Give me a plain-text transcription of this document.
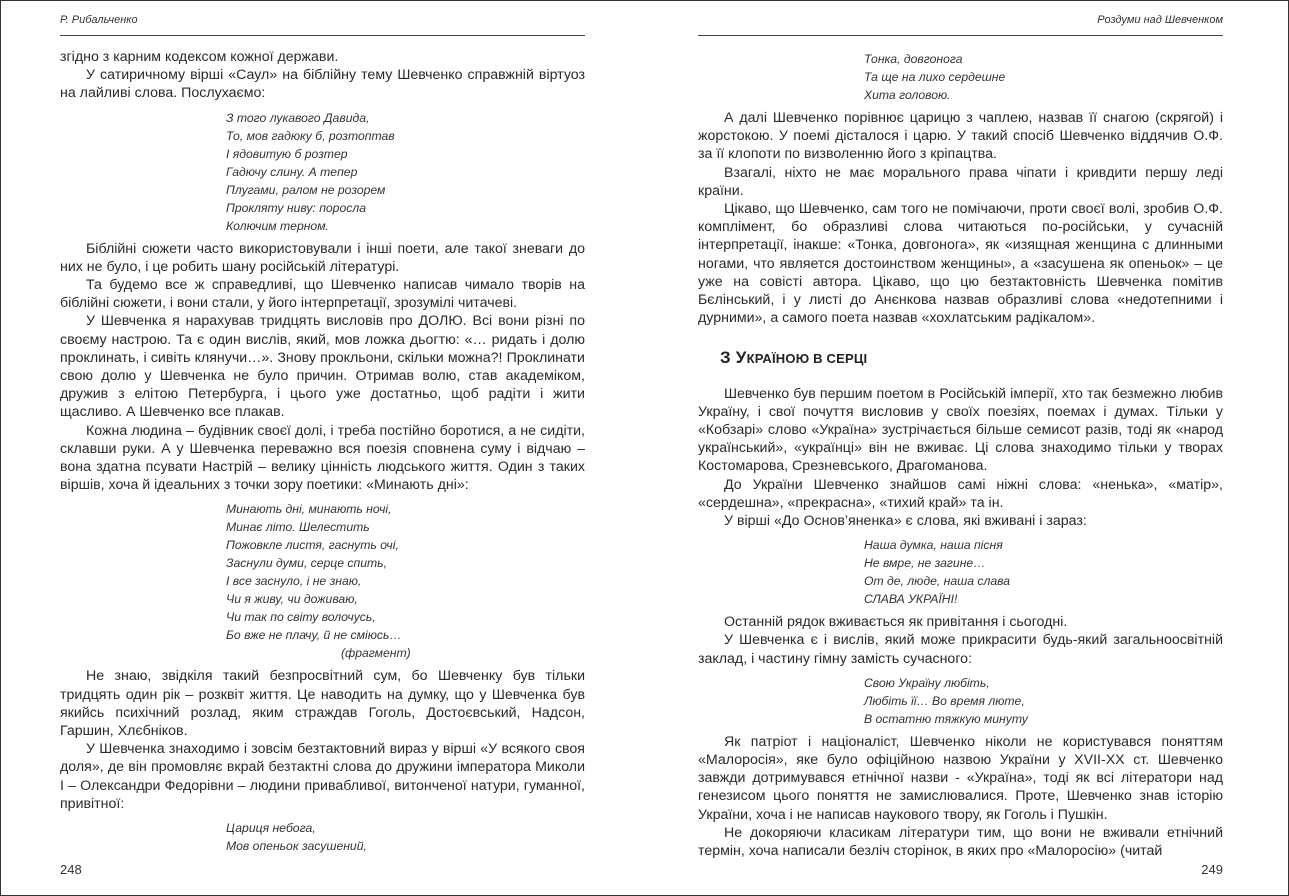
Р. Рибальченко

згідно з карним кодексом кожної держави.

У сатиричному вірші «Саул» на біблійну тему Шевченко справжній віртуоз на лайливі слова. Послухаємо:

З того лукавого Давида,
То, мов гадюку б, розтоптав
І ядовитую б розтер
Гадючу слину. А тепер
Плугами, ралом не розорем
Прокляту ниву: поросла
Колючим терном.

Біблійні сюжети часто використовували і інші поети, але такої зневаги до них не було, і це робить шану російській літературі.

Та будемо все ж справедливі, що Шевченко написав чимало творів на біблійні сюжети, і вони стали, у його інтерпретації, зрозумілі читачеві.

У Шевченка я нарахував тридцять висловів про ДОЛЮ. Всі вони різні по своєму настрою. Та є один вислів, який, мов ложка дьогтю: «… ридать і долю проклинать, і сивіть клянучи…». Знову прокльони, скільки можна?! Проклинати свою долю у Шевченка не було причин. Отримав волю, став академіком, дружив з елітою Петербурга, і цього уже достатньо, щоб радіти і жити щасливо. А Шевченко все плакав.

Кожна людина – будівник своєї долі, і треба постійно боротися, а не сидіти, склавши руки. А у Шевченка переважно вся поезія сповнена суму і відчаю – вона здатна псувати Настрій – велику цінність людського життя. Один з таких віршів, хоча й ідеальних з точки зору поетики: «Минають дні»:

Минають дні, минають ночі,
Минає літо. Шелестить
Пожовкле листя, гаснуть очі,
Заснули думи, серце спить,
І все заснуло, і не знаю,
Чи я живу, чи доживаю,
Чи так по світу волочусь,
Бо вже не плачу, й не сміюсь…
(фрагмент)

Не знаю, звідкіля такий безпросвітний сум, бо Шевченку був тільки тридцять один рік – розквіт життя. Це наводить на думку, що у Шевченка був якийсь психічний розлад, яким страждав Гоголь, Достоєвський, Надсон, Гаршин, Хлєбніков.

У Шевченка знаходимо і зовсім безтактовний вираз у вірші «У всякого своя доля», де він промовляє вкрай безтактні слова до дружини імператора Миколи І – Олександри Федорівни – людини привабливої, витонченої натури, гуманної, привітної:

Цариця небога,
Мов опеньок засушений,
248
Роздуми над Шевченком
Тонка, довгонога
Та ще на лихо сердешне
Хита головою.

А далі Шевченко порівнює царицю з чаплею, назвав її снагою (скрягой) і жорстокою. У поемі дісталося і царю. У такий спосіб Шевченко віддячив О.Ф. за її клопоти по визволенню його з кріпацтва.

Взагалі, ніхто не має морального права чіпати і кривдити першу леді країни.

Цікаво, що Шевченко, сам того не помічаючи, проти своєї волі, зробив О.Ф. комплімент, бо образливі слова читаються по-російськи, у сучасній інтерпретації, інакше: «Тонка, довгонога», як «изящная женщина с длинными ногами, что является достоинством женщины», а «засушена як опеньок» – це уже на совісті автора. Цікаво, що цю безтактовність Шевченка помітив Бєлінський, і у листі до Анєнкова назвав образливі слова «недотепними і дурними», а самого поета назвав «хохлатським радікалом».

З УКРАЇНОЮ В СЕРЦІ

Шевченко був першим поетом в Російській імперії, хто так безмежно любив Україну, і свої почуття висловив у своїх поезіях, поемах і думах. Тільки у «Кобзарі» слово «Україна» зустрічається більше семисот разів, тоді як «народ український», «українці» він не вживає. Ці слова знаходимо тільки у творах Костомарова, Срезневського, Драгоманова.

До України Шевченко знайшов самі ніжні слова: «ненька», «матір», «сердешна», «прекрасна», «тихий край» та ін.

У вірші «До Основ’яненка» є слова, які вживані і зараз:

Наша думка, наша пісня
Не вмре, не загине…
От де, люде, наша слава
СЛАВА УКРАЇНІ!

Останній рядок вживається як привітання і сьогодні.

У Шевченка є і вислів, який може прикрасити будь-який загальноосвітній заклад, і частину гімну замість сучасного:

Свою Україну любіть,
Любіть її… Во время люте,
В остатню тяжкую минуту

Як патріот і націоналіст, Шевченко ніколи не користувався поняттям «Малоросія», яке було офіційною назвою України у XVII-XX ст. Шевченко завжди дотримувався етнічної назви - «Україна», тоді як всі літератори над генезисом цього поняття не замислювалися. Проте, Шевченко знав історію України, хоча і не написав наукового твору, як Гоголь і Пушкін.

Не докоряючи класикам літератури тим, що вони не вживали етнічний термін, хоча написали безліч сторінок, в яких про «Малоросію» (читай

249
